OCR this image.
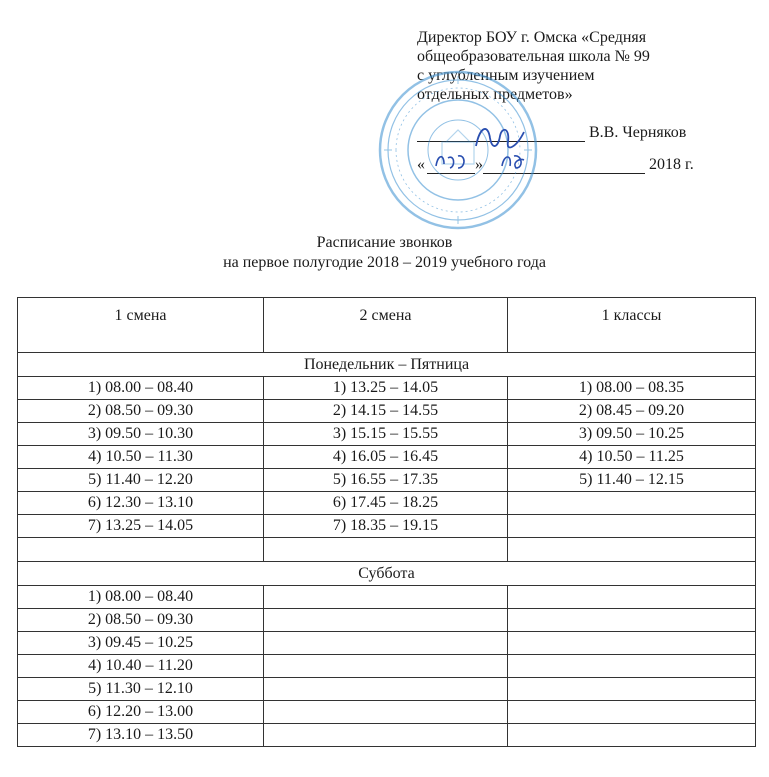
Директор БОУ г. Омска «Средняя
общеобразовательная школа № 99
с углубленным изучением
отдельных предметов»
В.В. Черняков
«	»	2018 г.
Расписание звонков
на первое полугодие 2018 – 2019 учебного года
1 смена	2 смена	1 классы
Понедельник – Пятница		
1) 08.00 – 08.40	1) 13.25 – 14.05	1) 08.00 – 08.35
2) 08.50 – 09.30	2) 14.15 – 14.55	2) 08.45 – 09.20
3) 09.50 – 10.30	3) 15.15 – 15.55	3) 09.50 – 10.25
4) 10.50 – 11.30	4) 16.05 – 16.45	4) 10.50 – 11.25
5) 11.40 – 12.20	5) 16.55 – 17.35	5) 11.40 – 12.15
6) 12.30 – 13.10	6) 17.45 – 18.25	
7) 13.25 – 14.05	7) 18.35 – 19.15	

Суббота		
1) 08.00 – 08.40		
2) 08.50 – 09.30		
3) 09.45 – 10.25		
4) 10.40 – 11.20		
5) 11.30 – 12.10		
6) 12.20 – 13.00		
7) 13.10 – 13.50		
